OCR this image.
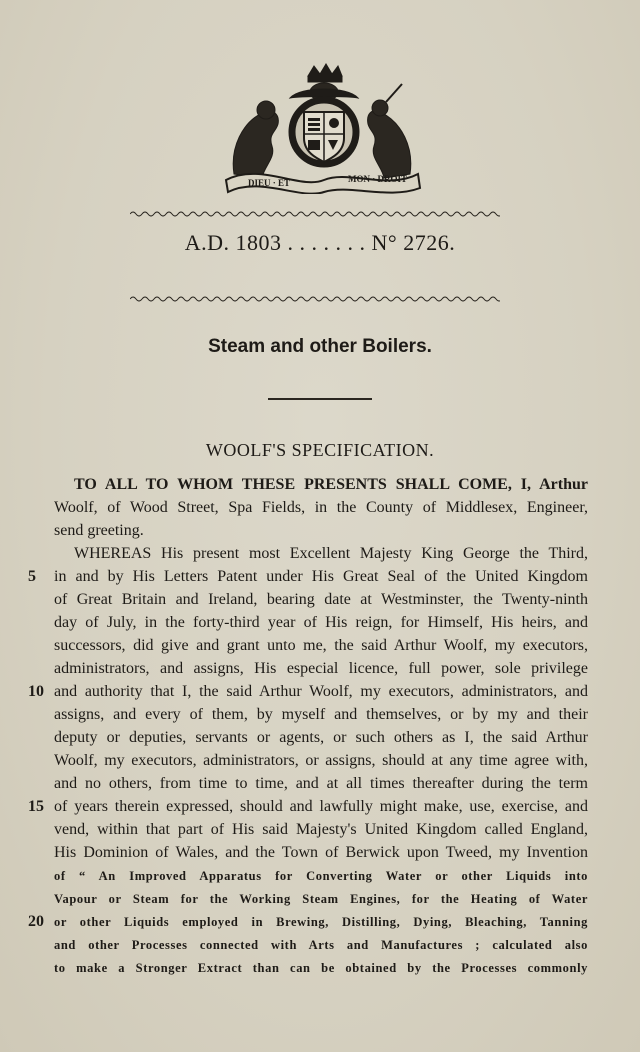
DIEU · ET	MON · DROIT
A.D. 1803 . . . . . . . N° 2726.
Steam and other Boilers.
WOOLF'S SPECIFICATION.
TO ALL TO WHOM THESE PRESENTS SHALL COME, I, Arthur
Woolf, of Wood Street, Spa Fields, in the County of Middlesex, Engineer,
send greeting.
WHEREAS His present most Excellent Majesty King George the Third,
5	in and by His Letters Patent under His Great Seal of the United Kingdom
of Great Britain and Ireland, bearing date at Westminster, the Twenty-ninth
day of July, in the forty-third year of His reign, for Himself, His heirs, and
successors, did give and grant unto me, the said Arthur Woolf, my executors,
administrators, and assigns, His especial licence, full power, sole privilege
10 and authority that I, the said Arthur Woolf, my executors, administrators, and
assigns, and every of them, by myself and themselves, or by my and their
deputy or deputies, servants or agents, or such others as I, the said Arthur
Woolf, my executors, administrators, or assigns, should at any time agree with,
and no others, from time to time, and at all times thereafter during the term
15 of years therein expressed, should and lawfully might make, use, exercise, and
vend, within that part of His said Majesty's United Kingdom called England,
His Dominion of Wales, and the Town of Berwick upon Tweed, my Invention
of “ An Improved Apparatus for Converting Water or other Liquids into
Vapour or Steam for the Working Steam Engines, for the Heating of Water
20 or other Liquids employed in Brewing, Distilling, Dying, Bleaching, Tanning
and other Processes connected with Arts and Manufactures ; calculated also
to make a Stronger Extract than can be obtained by the Processes commonly
